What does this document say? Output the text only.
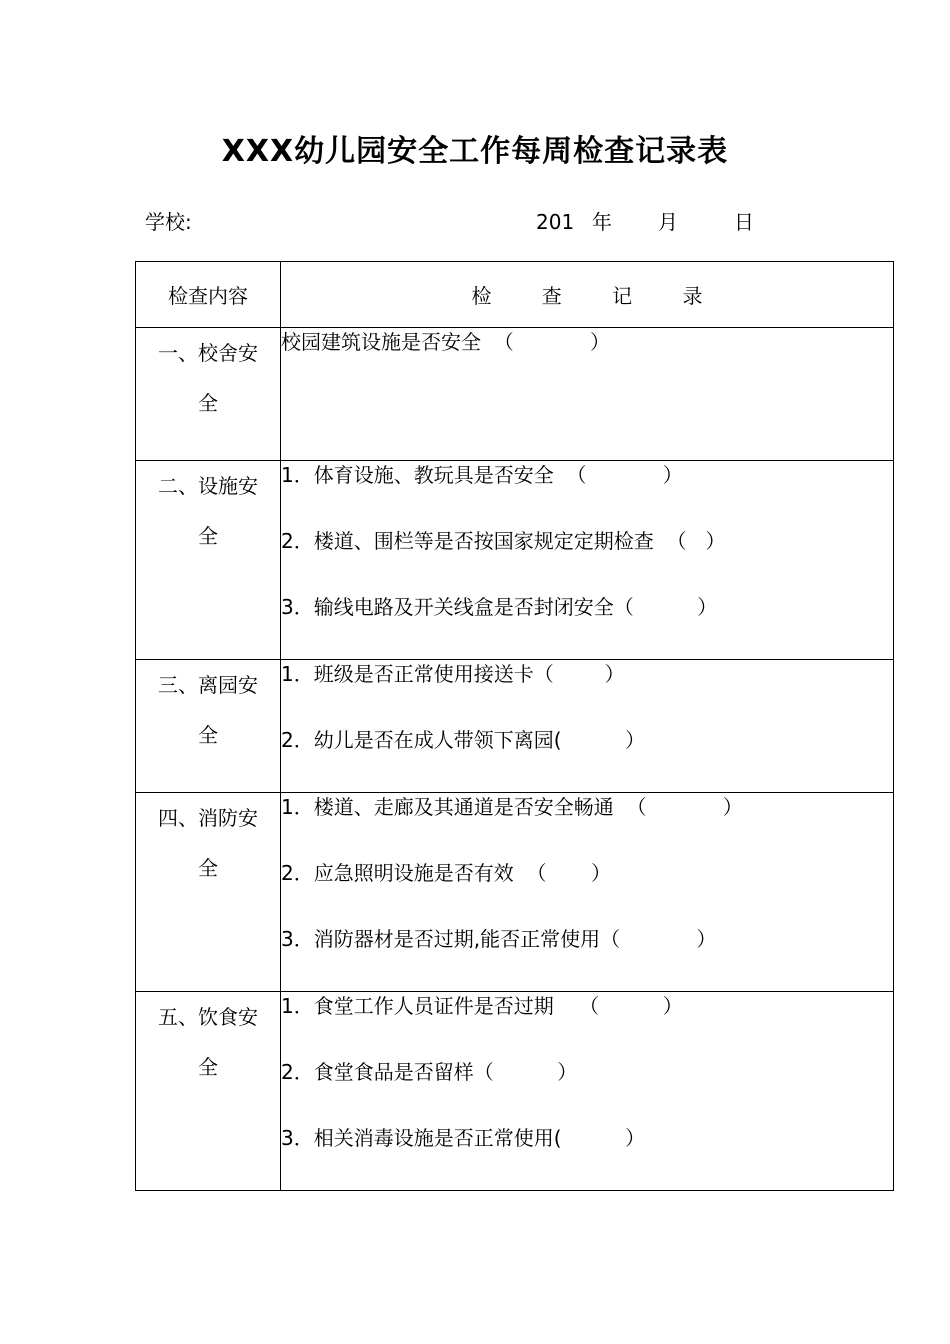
XXX幼儿园安全工作每周检查记录表
学校:	201 年 月	日
检查内容	检 查 记 录
一、校舍安全	校园建筑设施是否安全  （            ）

二、设施安全	1．体育设施、教玩具是否安全  （            ）
2．楼道、围栏等是否按国家规定定期检查  （   ）
3．输线电路及开关线盒是否封闭安全（          ）

三、离园安全	1．班级是否正常使用接送卡（        ）
2．幼儿是否在成人带领下离园(          ）

四、消防安全	1．楼道、走廊及其通道是否安全畅通  （            ）
2．应急照明设施是否有效  （       ）
3．消防器材是否过期,能否正常使用（            ）

五、饮食安全	1．食堂工作人员证件是否过期    （          ）
2．食堂食品是否留样（          ）
3．相关消毒设施是否正常使用(          ）
